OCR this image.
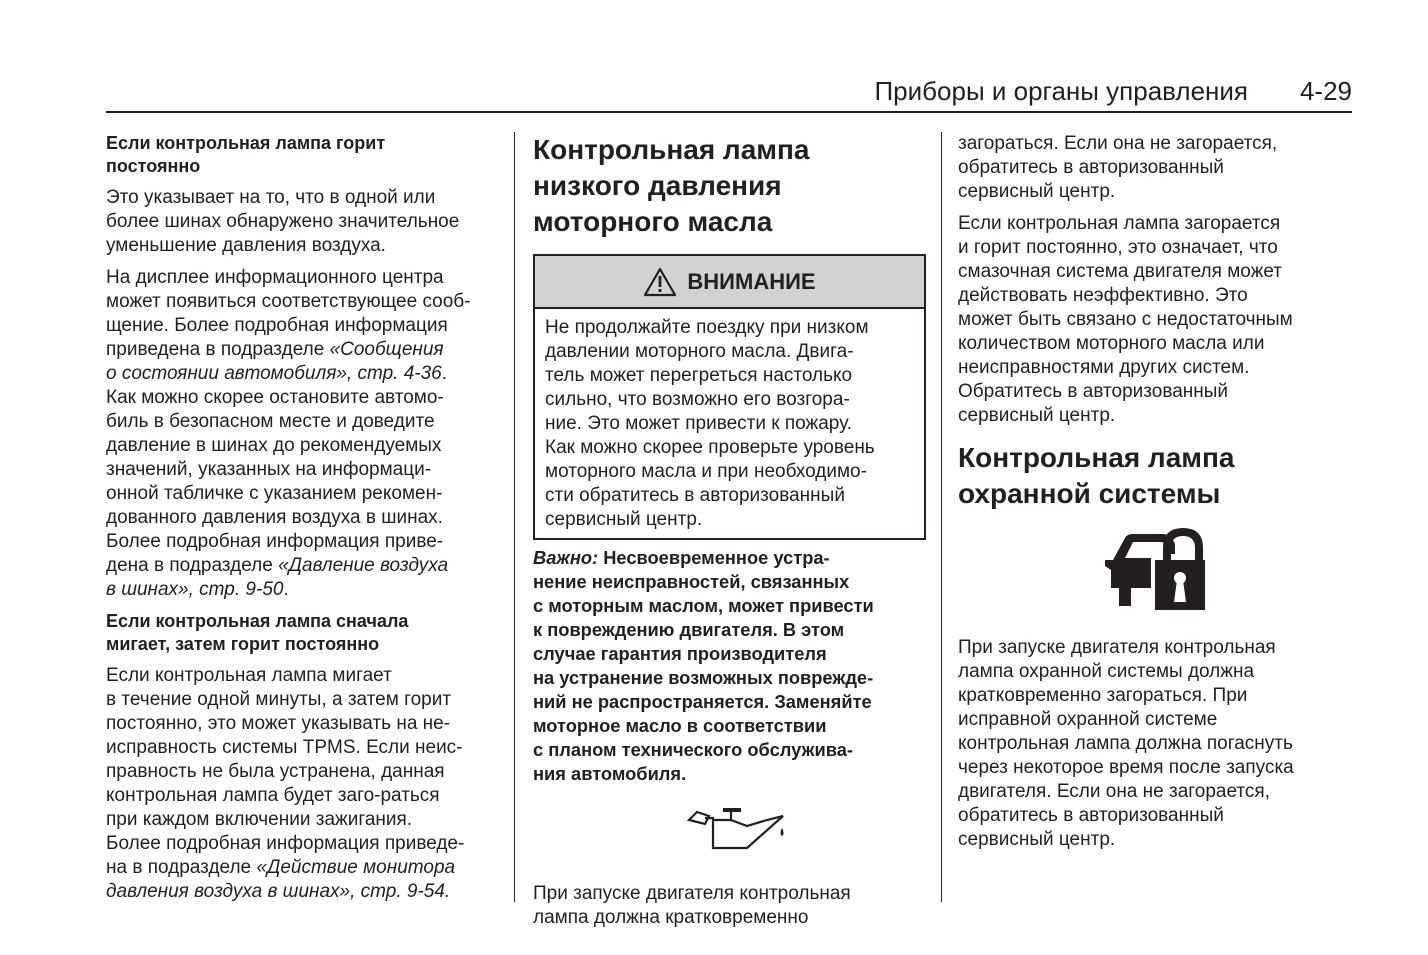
Приборы и органы управления 4-29
Если контрольная лампа горит
постоянно
Это указывает на то, что в одной или
более шинах обнаружено значительное
уменьшение давления воздуха.
На дисплее информационного центра
может появиться соответствующее сооб-
щение. Более подробная информация
приведена в подразделе «Сообщения
о состоянии автомобиля», стр. 4-36.
Как можно скорее остановите автомо-
биль в безопасном месте и доведите
давление в шинах до рекомендуемых
значений, указанных на информаци-
онной табличке с указанием рекомен-
дованного давления воздуха в шинах.
Более подробная информация приве-
дена в подразделе «Давление воздуха
в шинах», стр. 9-50.
Если контрольная лампа сначала
мигает, затем горит постоянно
Если контрольная лампа мигает
в течение одной минуты, а затем горит
постоянно, это может указывать на не-
исправность системы TPMS. Если неис-
правность не была устранена, данная
контрольная лампа будет заго-раться
при каждом включении зажигания.
Более подробная информация приведе-
на в подразделе «Действие монитора
давления воздуха в шинах», стр. 9-54.
Контрольная лампа
низкого давления
моторного масла
ВНИМАНИЕ
Не продолжайте поездку при низком
давлении моторного масла. Двига-
тель может перегреться настолько
сильно, что возможно его возгора-
ние. Это может привести к пожару.
Как можно скорее проверьте уровень
моторного масла и при необходимо-
сти обратитесь в авторизованный
сервисный центр.
Важно: Несвоевременное устра-
нение неисправностей, связанных
с моторным маслом, может привести
к повреждению двигателя. В этом
случае гарантия производителя
на устранение возможных поврежде-
ний не распространяется. Заменяйте
моторное масло в соответствии
с планом технического обслужива-
ния автомобиля.
При запуске двигателя контрольная
лампа должна кратковременно
загораться. Если она не загорается,
обратитесь в авторизованный
сервисный центр.
Если контрольная лампа загорается
и горит постоянно, это означает, что
смазочная система двигателя может
действовать неэффективно. Это
может быть связано с недостаточным
количеством моторного масла или
неисправностями других систем.
Обратитесь в авторизованный
сервисный центр.
Контрольная лампа
охранной системы
При запуске двигателя контрольная
лампа охранной системы должна
кратковременно загораться. При
исправной охранной системе
контрольная лампа должна погаснуть
через некоторое время после запуска
двигателя. Если она не загорается,
обратитесь в авторизованный
сервисный центр.
